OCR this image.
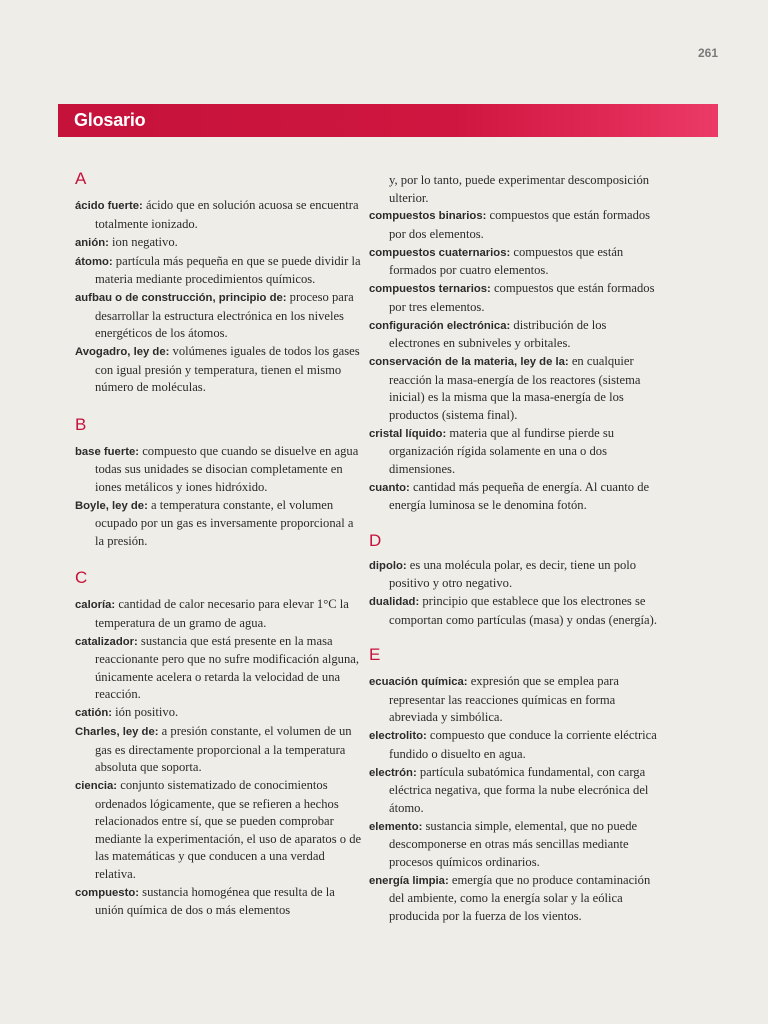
261
Glosario
A
ácido fuerte: ácido que en solución acuosa se encuentra totalmente ionizado.
anión: ion negativo.
átomo: partícula más pequeña en que se puede dividir la materia mediante procedimientos químicos.
aufbau o de construcción, principio de: proceso para desarrollar la estructura electrónica en los niveles energéticos de los átomos.
Avogadro, ley de: volúmenes iguales de todos los gases con igual presión y temperatura, tienen el mismo número de moléculas.
B
base fuerte: compuesto que cuando se disuelve en agua todas sus unidades se disocian completamente en iones metálicos y iones hidróxido.
Boyle, ley de: a temperatura constante, el volumen ocupado por un gas es inversamente proporcional a la presión.
C
caloría: cantidad de calor necesario para elevar 1°C la temperatura de un gramo de agua.
catalizador: sustancia que está presente en la masa reaccionante pero que no sufre modificación alguna, únicamente acelera o retarda la velocidad de una reacción.
catión: ión positivo.
Charles, ley de: a presión constante, el volumen de un gas es directamente proporcional a la temperatura absoluta que soporta.
ciencia: conjunto sistematizado de conocimientos ordenados lógicamente, que se refieren a hechos relacionados entre sí, que se pueden comprobar mediante la experimentación, el uso de aparatos o de las matemáticas y que conducen a una verdad relativa.
compuesto: sustancia homogénea que resulta de la unión química de dos o más elementos
y, por lo tanto, puede experimentar descomposición ulterior.
compuestos binarios: compuestos que están formados por dos elementos.
compuestos cuaternarios: compuestos que están formados por cuatro elementos.
compuestos ternarios: compuestos que están formados por tres elementos.
configuración electrónica: distribución de los electrones en subniveles y orbitales.
conservación de la materia, ley de la: en cualquier reacción la masa-energía de los reactores (sistema inicial) es la misma que la masa-energía de los productos (sistema final).
cristal líquido: materia que al fundirse pierde su organización rígida solamente en una o dos dimensiones.
cuanto: cantidad más pequeña de energía. Al cuanto de energía luminosa se le denomina fotón.
D
dipolo: es una molécula polar, es decir, tiene un polo positivo y otro negativo.
dualidad: principio que establece que los electrones se comportan como partículas (masa) y ondas (energía).
E
ecuación química: expresión que se emplea para representar las reacciones químicas en forma abreviada y simbólica.
electrolito: compuesto que conduce la corriente eléctrica fundido o disuelto en agua.
electrón: partícula subatómica fundamental, con carga eléctrica negativa, que forma la nube elecrónica del átomo.
elemento: sustancia simple, elemental, que no puede descomponerse en otras más sencillas mediante procesos químicos ordinarios.
energía limpia: emergía que no produce contaminación del ambiente, como la energía solar y la eólica producida por la fuerza de los vientos.
